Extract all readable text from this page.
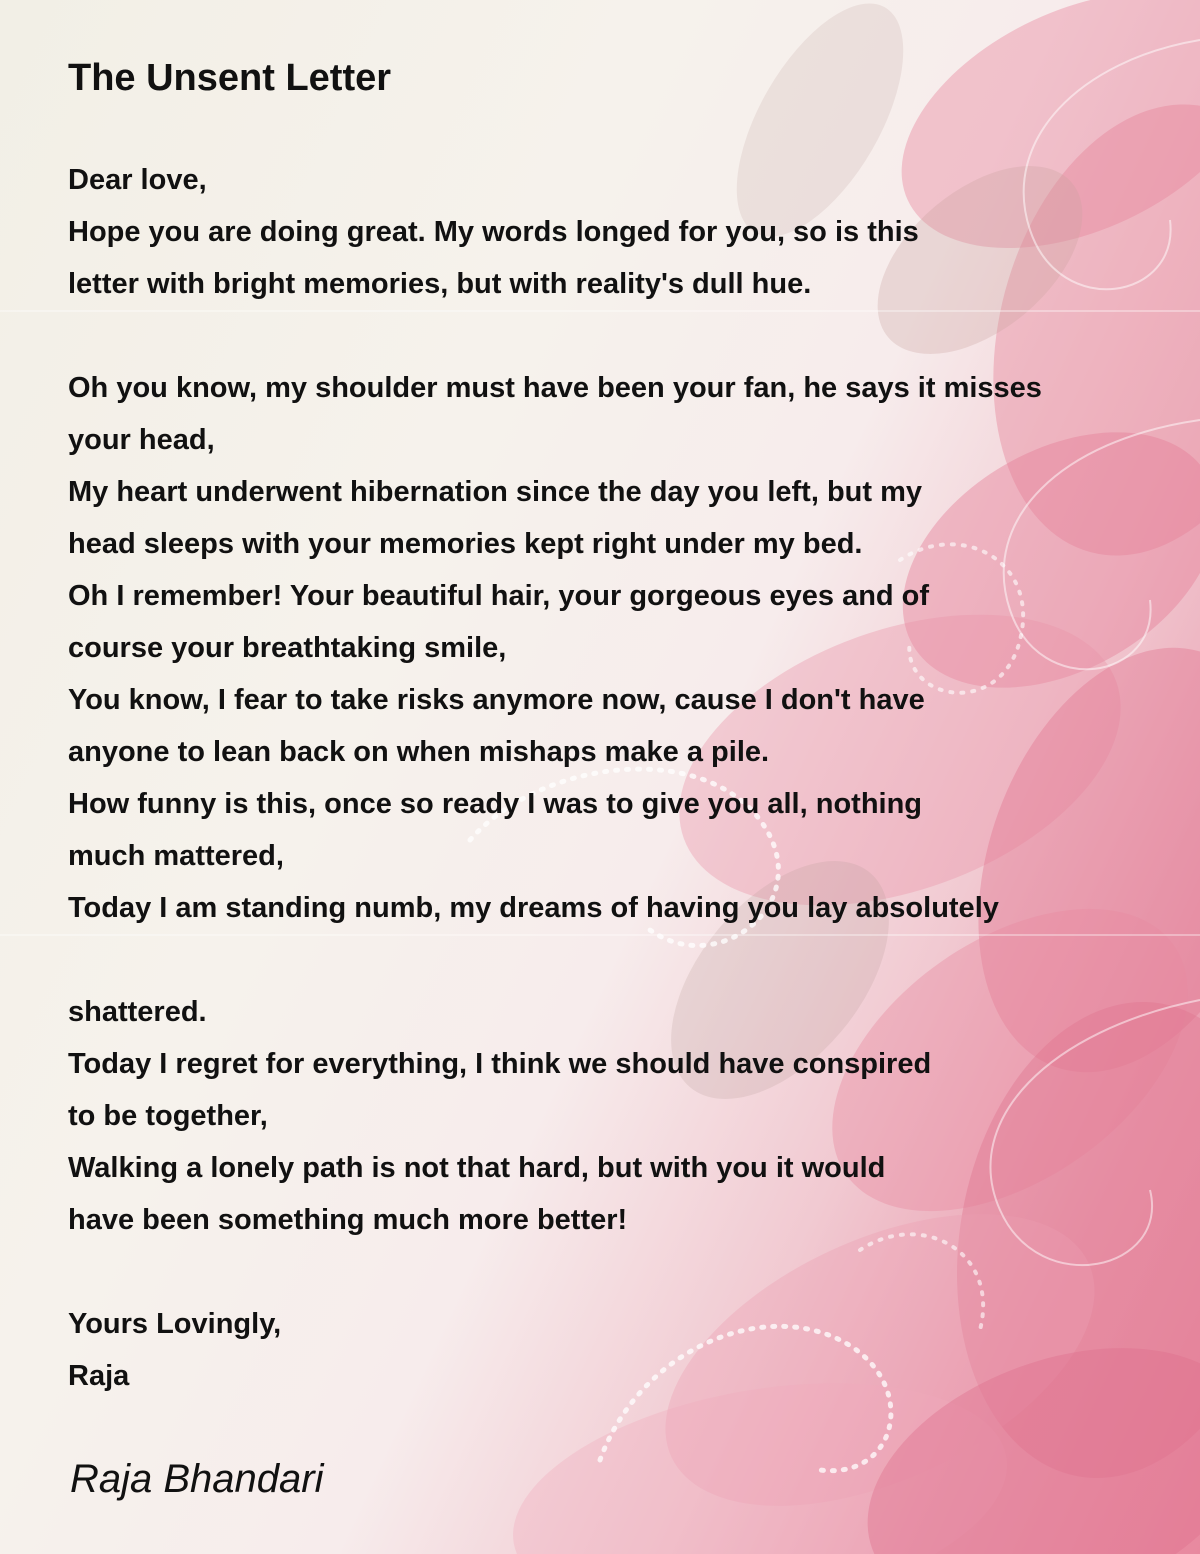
The Unsent Letter
Dear love,
Hope you are doing great. My words longed for you, so is this
letter with bright memories, but with reality's dull hue.
Oh you know, my shoulder must have been your fan, he says it misses
your head,
My heart underwent hibernation since the day you left, but my
head sleeps with your memories kept right under my bed.
Oh I remember! Your beautiful hair, your gorgeous eyes and of
course your breathtaking smile,
You know, I fear to take risks anymore now, cause I don't have
anyone to lean back on when mishaps make a pile.
How funny is this, once so ready I was to give you all, nothing
much mattered,
Today I am standing numb, my dreams of having you lay absolutely
shattered.
Today I regret for everything, I think we should have conspired
to be together,
Walking a lonely path is not that hard, but with you it would
have been something much more better!
Yours Lovingly,
Raja

Raja Bhandari
